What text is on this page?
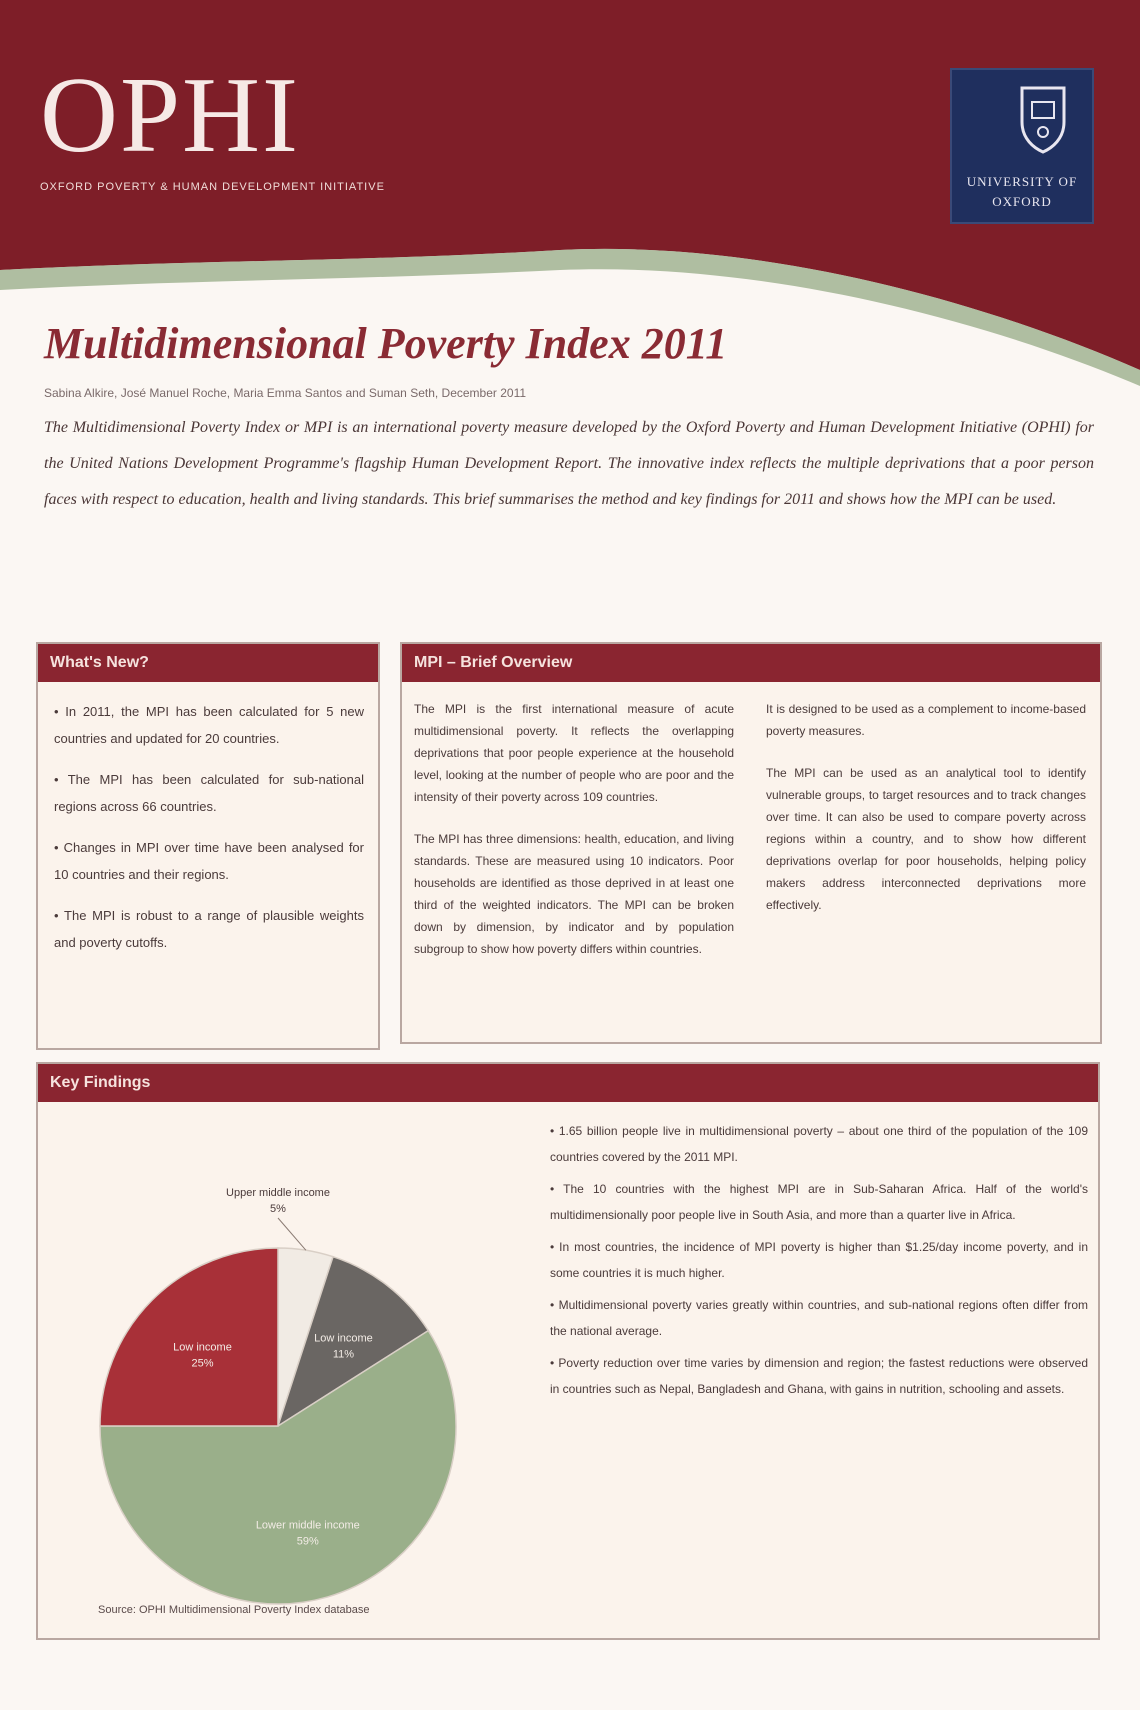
OPHI
OXFORD POVERTY & HUMAN DEVELOPMENT INITIATIVE	UNIVERSITY OF
OXFORD
Multidimensional Poverty Index 2011
Sabina Alkire, José Manuel Roche, Maria Emma Santos and Suman Seth, December 2011
The Multidimensional Poverty Index or MPI is an international poverty measure developed by the Oxford Poverty and Human Development Initiative (OPHI) for the United Nations Development Programme's flagship Human Development Report. The innovative index reflects the multiple deprivations that a poor person faces with respect to education, health and living standards. This brief summarises the method and key findings for 2011 and shows how the MPI can be used.
What's New?
• In 2011, the MPI has been calculated for 5 new countries and updated for 20 countries.
• The MPI has been calculated for sub-national regions across 66 countries.
• Changes in MPI over time have been analysed for 10 countries and their regions.
• The MPI is robust to a range of plausible weights and poverty cutoffs.
MPI – Brief Overview

The MPI is the first international measure of acute multidimensional poverty. It reflects the overlapping deprivations that poor people experience at the household level, looking at the number of people who are poor and the intensity of their poverty across 109 countries.

The MPI has three dimensions: health, education, and living standards. These are measured using 10 indicators. Poor households are identified as those deprived in at least one third of the weighted indicators. The MPI can be broken down by dimension, by indicator and by population subgroup to show how poverty differs within countries.

It is designed to be used as a complement to income-based poverty measures.

The MPI can be used as an analytical tool to identify vulnerable groups, to target resources and to track changes over time. It can also be used to compare poverty across regions within a country, and to show how different deprivations overlap for poor households, helping policy makers address interconnected deprivations more effectively.

Key Findings
Upper middle income
5%
Low income
11%
Lower middle income
59%
Low income
25%
Source: OPHI Multidimensional Poverty Index database
• 1.65 billion people live in multidimensional poverty – about one third of the population of the 109 countries covered by the 2011 MPI.
• The 10 countries with the highest MPI are in Sub-Saharan Africa. Half of the world's multidimensionally poor people live in South Asia, and more than a quarter live in Africa.
• In most countries, the incidence of MPI poverty is higher than $1.25/day income poverty, and in some countries it is much higher.
• Multidimensional poverty varies greatly within countries, and sub-national regions often differ from the national average.
• Poverty reduction over time varies by dimension and region; the fastest reductions were observed in countries such as Nepal, Bangladesh and Ghana, with gains in nutrition, schooling and assets.
